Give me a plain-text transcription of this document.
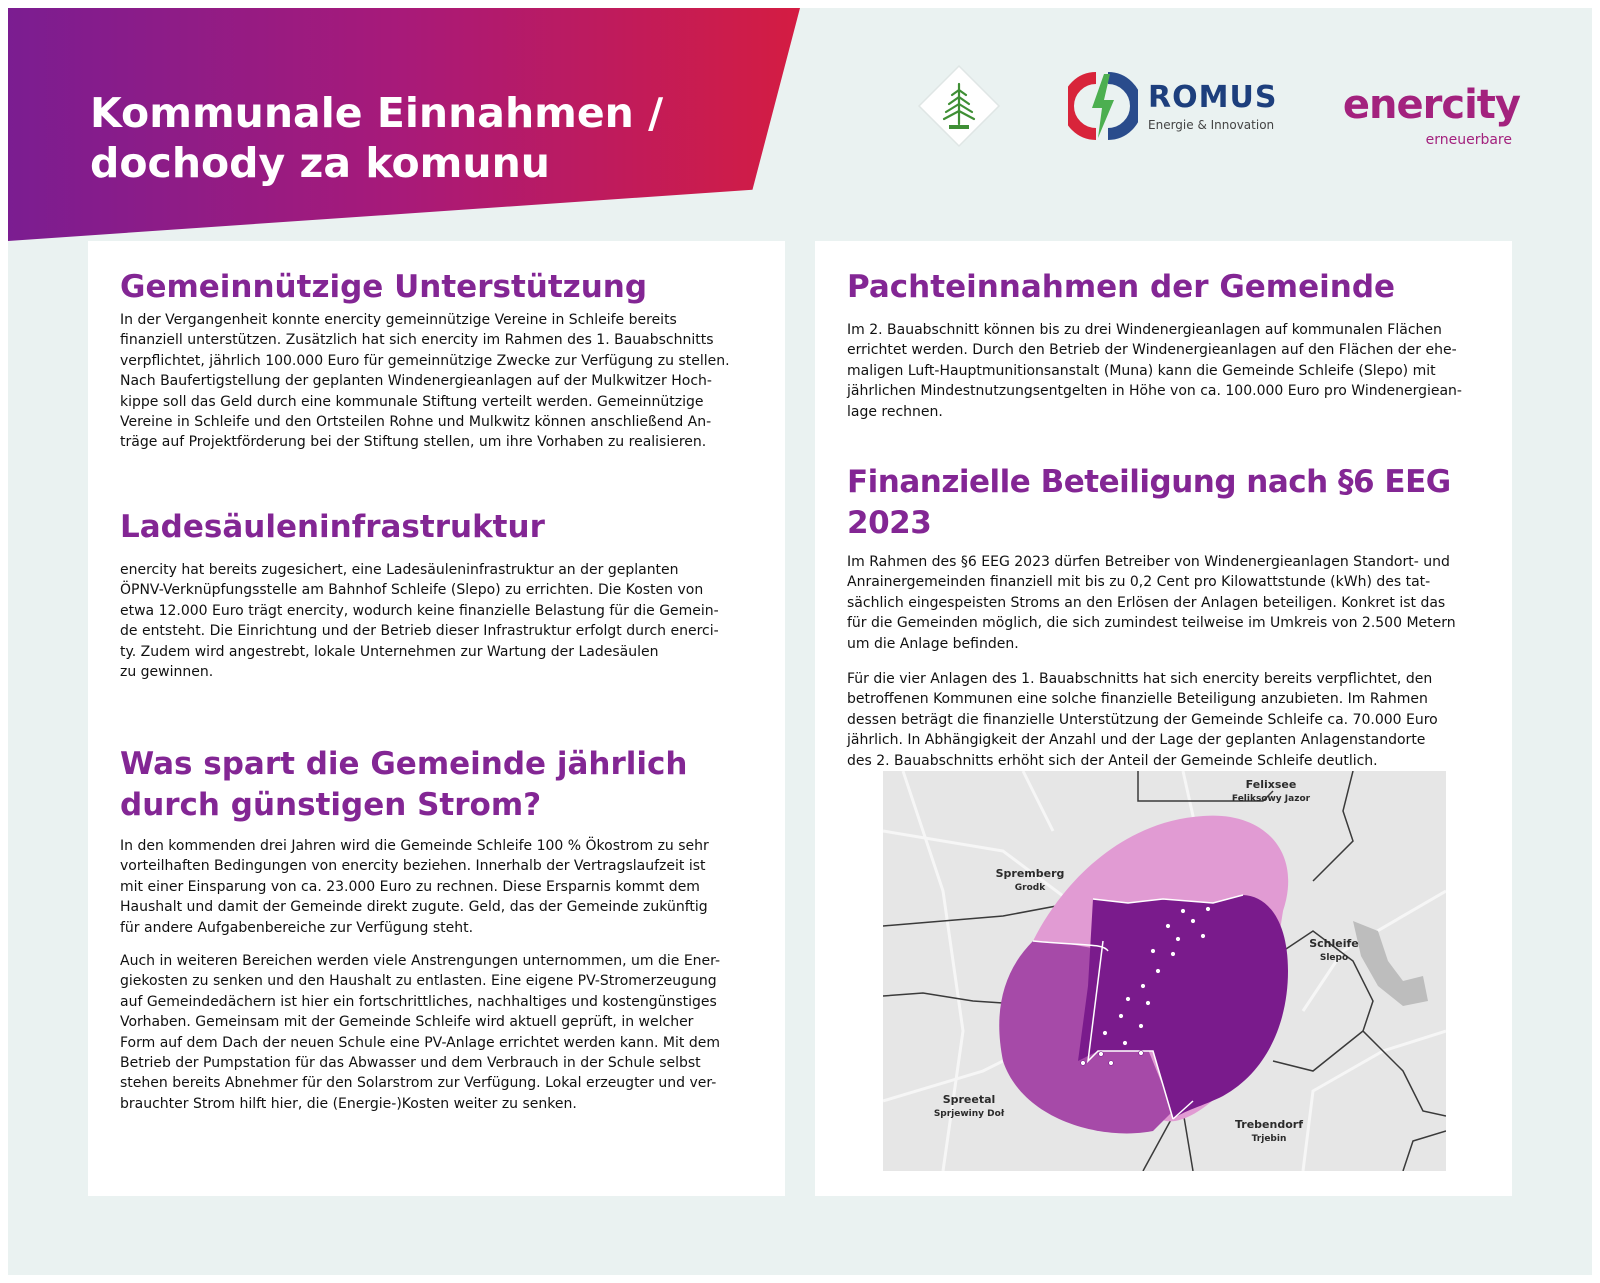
Kommunale Einnahmen /
dochody za komunu
ROMUS
Energie & Innovation enercity
erneuerbare
Gemeinnützige Unterstützung

In der Vergangenheit konnte enercity gemeinnützige Vereine in Schleife bereits
finanziell unterstützen. Zusätzlich hat sich enercity im Rahmen des 1. Bauabschnitts
verpflichtet, jährlich 100.000 Euro für gemeinnützige Zwecke zur Verfügung zu stellen.
Nach Baufertigstellung der geplanten Windenergieanlagen auf der Mulkwitzer Hoch-
kippe soll das Geld durch eine kommunale Stiftung verteilt werden. Gemeinnützige
Vereine in Schleife und den Ortsteilen Rohne und Mulkwitz können anschließend An-
träge auf Projektförderung bei der Stiftung stellen, um ihre Vorhaben zu realisieren.

Ladesäuleninfrastruktur

enercity hat bereits zugesichert, eine Ladesäuleninfrastruktur an der geplanten
ÖPNV-Verknüpfungsstelle am Bahnhof Schleife (Slepo) zu errichten. Die Kosten von
etwa 12.000 Euro trägt enercity, wodurch keine finanzielle Belastung für die Gemein-
de entsteht. Die Einrichtung und der Betrieb dieser Infrastruktur erfolgt durch enerci-
ty. Zudem wird angestrebt, lokale Unternehmen zur Wartung der Ladesäulen
zu gewinnen.

Was spart die Gemeinde jährlich
durch günstigen Strom?

In den kommenden drei Jahren wird die Gemeinde Schleife 100 % Ökostrom zu sehr
vorteilhaften Bedingungen von enercity beziehen. Innerhalb der Vertragslaufzeit ist
mit einer Einsparung von ca. 23.000 Euro zu rechnen. Diese Ersparnis kommt dem
Haushalt und damit der Gemeinde direkt zugute. Geld, das der Gemeinde zukünftig
für andere Aufgabenbereiche zur Verfügung steht.

Auch in weiteren Bereichen werden viele Anstrengungen unternommen, um die Ener-
giekosten zu senken und den Haushalt zu entlasten. Eine eigene PV-Stromerzeugung
auf Gemeindedächern ist hier ein fortschrittliches, nachhaltiges und kostengünstiges
Vorhaben. Gemeinsam mit der Gemeinde Schleife wird aktuell geprüft, in welcher
Form auf dem Dach der neuen Schule eine PV-Anlage errichtet werden kann. Mit dem
Betrieb der Pumpstation für das Abwasser und dem Verbrauch in der Schule selbst
stehen bereits Abnehmer für den Solarstrom zur Verfügung. Lokal erzeugter und ver-
brauchter Strom hilft hier, die (Energie-)Kosten weiter zu senken.

Pachteinnahmen der Gemeinde

Im 2. Bauabschnitt können bis zu drei Windenergieanlagen auf kommunalen Flächen
errichtet werden. Durch den Betrieb der Windenergieanlagen auf den Flächen der ehe-
maligen Luft-Hauptmunitionsanstalt (Muna) kann die Gemeinde Schleife (Slepo) mit
jährlichen Mindestnutzungsentgelten in Höhe von ca. 100.000 Euro pro Windenergiean-
lage rechnen.

Finanzielle Beteiligung nach §6 EEG 2023

Im Rahmen des §6 EEG 2023 dürfen Betreiber von Windenergieanlagen Standort- und
Anrainergemeinden finanziell mit bis zu 0,2 Cent pro Kilowattstunde (kWh) des tat-
sächlich eingespeisten Stroms an den Erlösen der Anlagen beteiligen. Konkret ist das
für die Gemeinden möglich, die sich zumindest teilweise im Umkreis von 2.500 Metern
um die Anlage befinden.

Für die vier Anlagen des 1. Bauabschnitts hat sich enercity bereits verpflichtet, den
betroffenen Kommunen eine solche finanzielle Beteiligung anzubieten. Im Rahmen
dessen beträgt die finanzielle Unterstützung der Gemeinde Schleife ca. 70.000 Euro
jährlich. In Abhängigkeit der Anzahl und der Lage der geplanten Anlagenstandorte
des 2. Bauabschnitts erhöht sich der Anteil der Gemeinde Schleife deutlich.

Felixsee
Feliksowy Jazor
Spremberg
Grodk
Schleife
Slepo
Spreetal
Sprjewiny Doł
Trebendorf
Trjebin
